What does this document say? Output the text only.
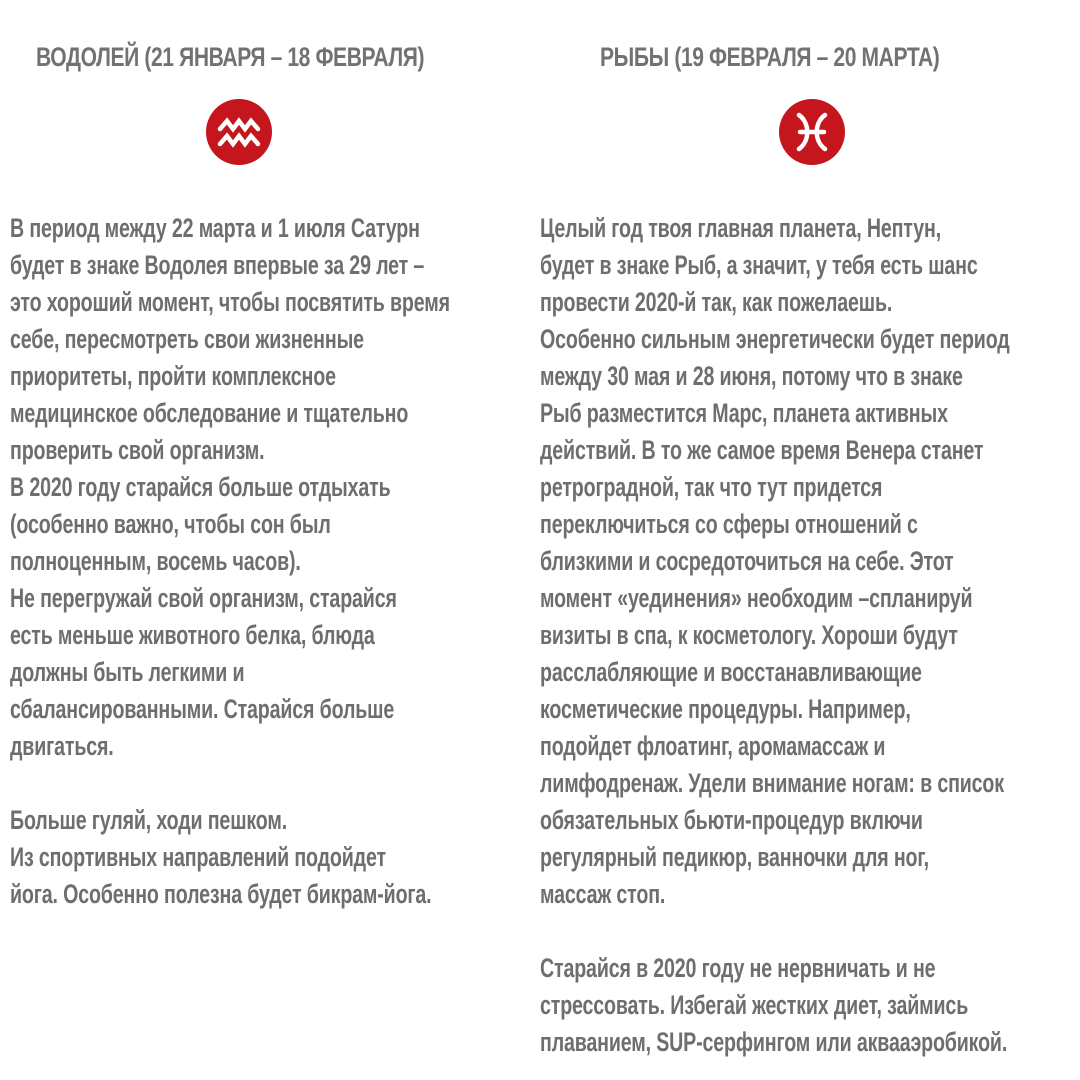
ВОДОЛЕЙ (21 ЯНВАРЯ – 18 ФЕВРАЛЯ)
В период между 22 марта и 1 июля Сатурн
будет в знаке Водолея впервые за 29 лет –
это хороший момент, чтобы посвятить время
себе, пересмотреть свои жизненные
приоритеты, пройти комплексное
медицинское обследование и тщательно
проверить свой организм.
В 2020 году старайся больше отдыхать
(особенно важно, чтобы сон был
полноценным, восемь часов).
Не перегружай свой организм, старайся
есть меньше животного белка, блюда
должны быть легкими и
сбалансированными. Старайся больше
двигаться.
Больше гуляй, ходи пешком.
Из спортивных направлений подойдет
йога. Особенно полезна будет бикрам-йога.
РЫБЫ (19 ФЕВРАЛЯ – 20 МАРТА)
Целый год твоя главная планета, Нептун,
будет в знаке Рыб, а значит, у тебя есть шанс
провести 2020-й так, как пожелаешь.
Особенно сильным энергетически будет период
между 30 мая и 28 июня, потому что в знаке
Рыб разместится Марс, планета активных
действий. В то же самое время Венера станет
ретроградной, так что тут придется
переключиться со сферы отношений с
близкими и сосредоточиться на себе. Этот
момент «уединения» необходим –спланируй
визиты в спа, к косметологу. Хороши будут
расслабляющие и восстанавливающие
косметические процедуры. Например,
подойдет флоатинг, аромамассаж и
лимфодренаж. Удели внимание ногам: в список
обязательных бьюти-процедур включи
регулярный педикюр, ванночки для ног,
массаж стоп.
Старайся в 2020 году не нервничать и не
стрессовать. Избегай жестких диет, займись
плаванием, SUP-серфингом или аквааэробикой.
